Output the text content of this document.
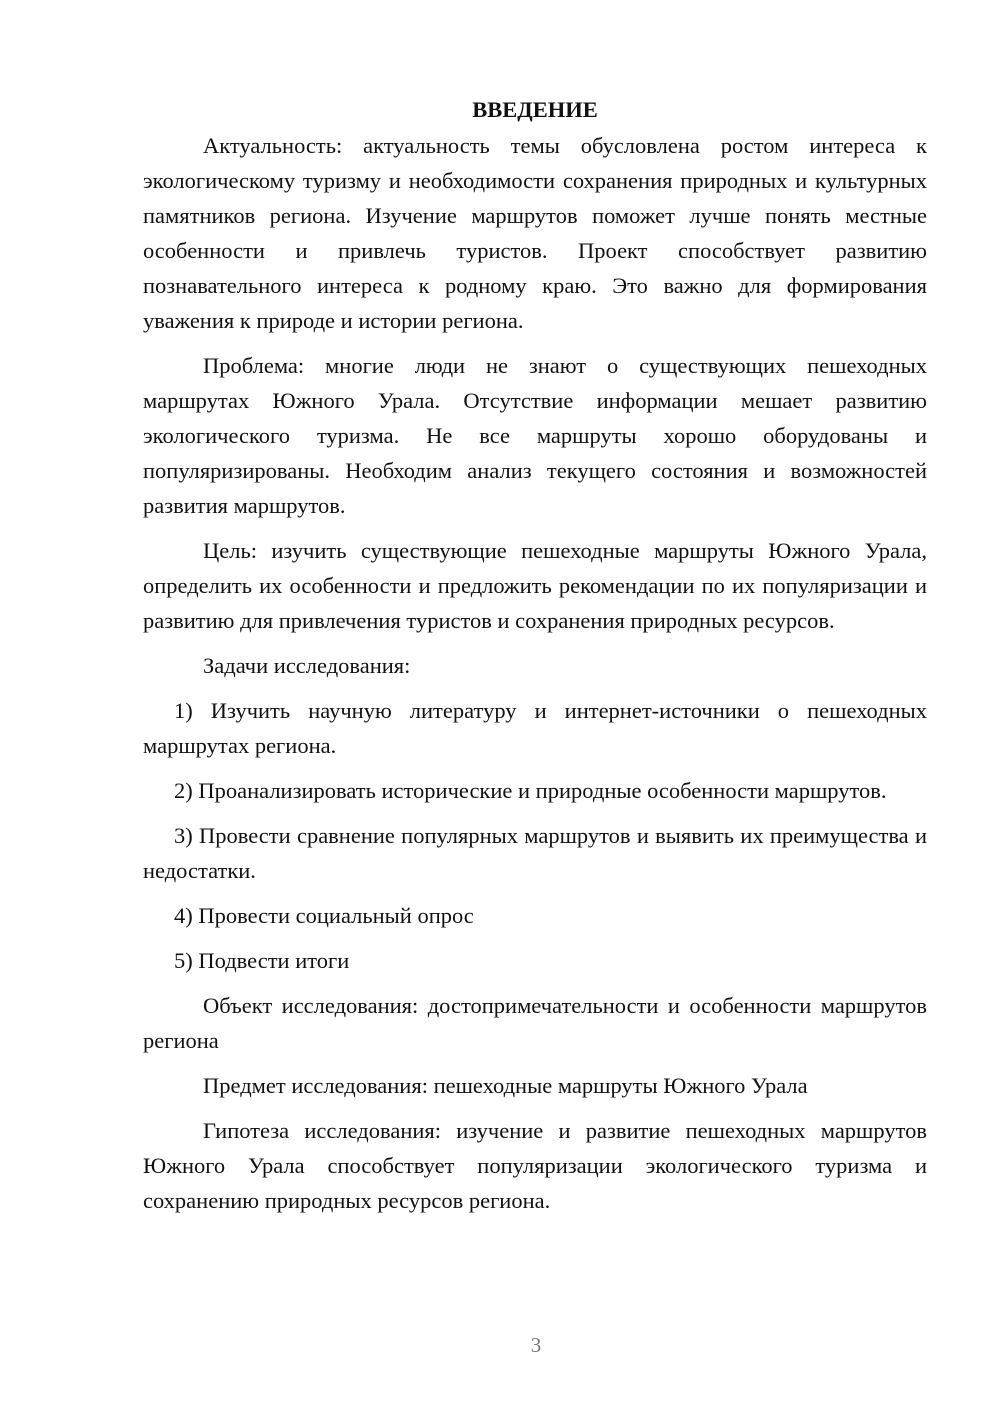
ВВЕДЕНИЕ

Актуальность: актуальность темы обусловлена ростом интереса к экологическому туризму и необходимости сохранения природных и культурных памятников региона. Изучение маршрутов поможет лучше понять местные особенности и привлечь туристов. Проект способствует развитию познавательного интереса к родному краю. Это важно для формирования уважения к природе и истории региона.

Проблема: многие люди не знают о существующих пешеходных маршрутах Южного Урала. Отсутствие информации мешает развитию экологического туризма. Не все маршруты хорошо оборудованы и популяризированы. Необходим анализ текущего состояния и возможностей развития маршрутов.

Цель: изучить существующие пешеходные маршруты Южного Урала, определить их особенности и предложить рекомендации по их популяризации и развитию для привлечения туристов и сохранения природных ресурсов.

Задачи исследования:

1) Изучить научную литературу и интернет-источники о пешеходных маршрутах региона.

2) Проанализировать исторические и природные особенности маршрутов.

3) Провести сравнение популярных маршрутов и выявить их преимущества и недостатки.

4) Провести социальный опрос

5) Подвести итоги

Объект исследования: достопримечательности и особенности маршрутов региона

Предмет исследования: пешеходные маршруты Южного Урала

Гипотеза исследования: изучение и развитие пешеходных маршрутов Южного Урала способствует популяризации экологического туризма и сохранению природных ресурсов региона.

3
